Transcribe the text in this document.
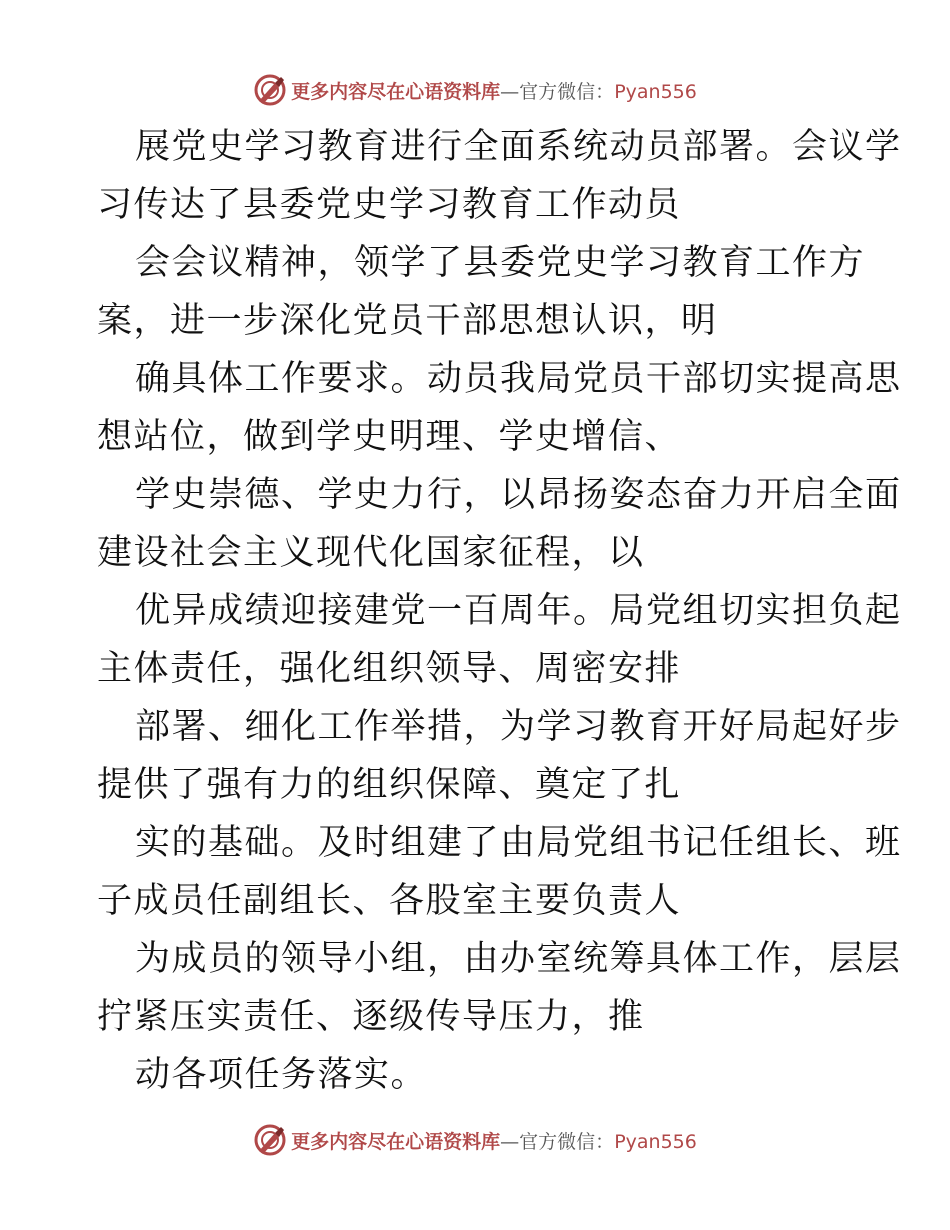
更多内容尽在心语资料库—官方微信：Pyan556
展党史学习教育进行全面系统动员部署。会议学
习传达了县委党史学习教育工作动员
会会议精神，领学了县委党史学习教育工作方
案，进一步深化党员干部思想认识，明
确具体工作要求。动员我局党员干部切实提高思
想站位，做到学史明理、学史增信、
学史崇德、学史力行，以昂扬姿态奋力开启全面
建设社会主义现代化国家征程，以
优异成绩迎接建党一百周年。局党组切实担负起
主体责任，强化组织领导、周密安排
部署、细化工作举措，为学习教育开好局起好步
提供了强有力的组织保障、奠定了扎
实的基础。及时组建了由局党组书记任组长、班
子成员任副组长、各股室主要负责人
为成员的领导小组，由办室统筹具体工作，层层
拧紧压实责任、逐级传导压力，推
动各项任务落实。
更多内容尽在心语资料库—官方微信：Pyan556
